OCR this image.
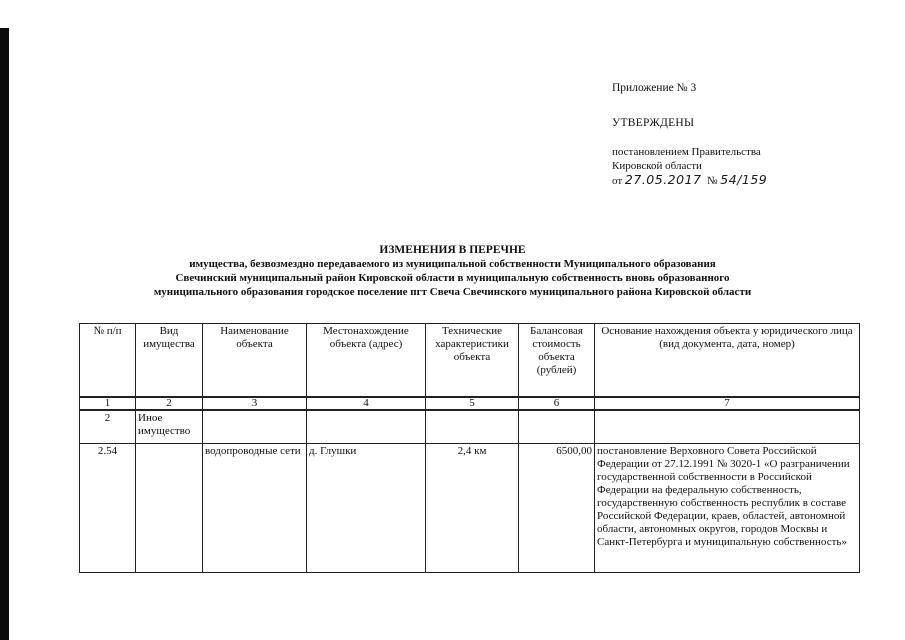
Приложение № 3
УТВЕРЖДЕНЫ
постановлением Правительства
Кировской области
от 27.05.2017 № 54/159
ИЗМЕНЕНИЯ В ПЕРЕЧНЕ
имущества, безвозмездно передаваемого из муниципальной собственности Муниципального образования
Свечинский муниципальный район Кировской области в муниципальную собственность вновь образованного
муниципального образования городское поселение пгт Свеча Свечинского муниципального района Кировской области
№ п/п	Вид имущества	Наименование объекта	Местонахождение объекта (адрес)	Технические характеристики объекта	Балансовая стоимость объекта (рублей)	Основание нахождения объекта у юридического лица (вид документа, дата, номер)
1	2	3	4	5	6	7
2	Иное имущество					
2.54		водопроводные сети	д. Глушки	2,4 км	6500,00	постановление Верховного Совета Российской Федерации от 27.12.1991 № 3020-1 «О разграничении государственной собственности в Российской Федерации на федеральную собственность, государственную собственность республик в составе Российской Федерации, краев, областей, автономной области, автономных округов, городов Москвы и Санкт-Петербурга и муниципальную собственность»
